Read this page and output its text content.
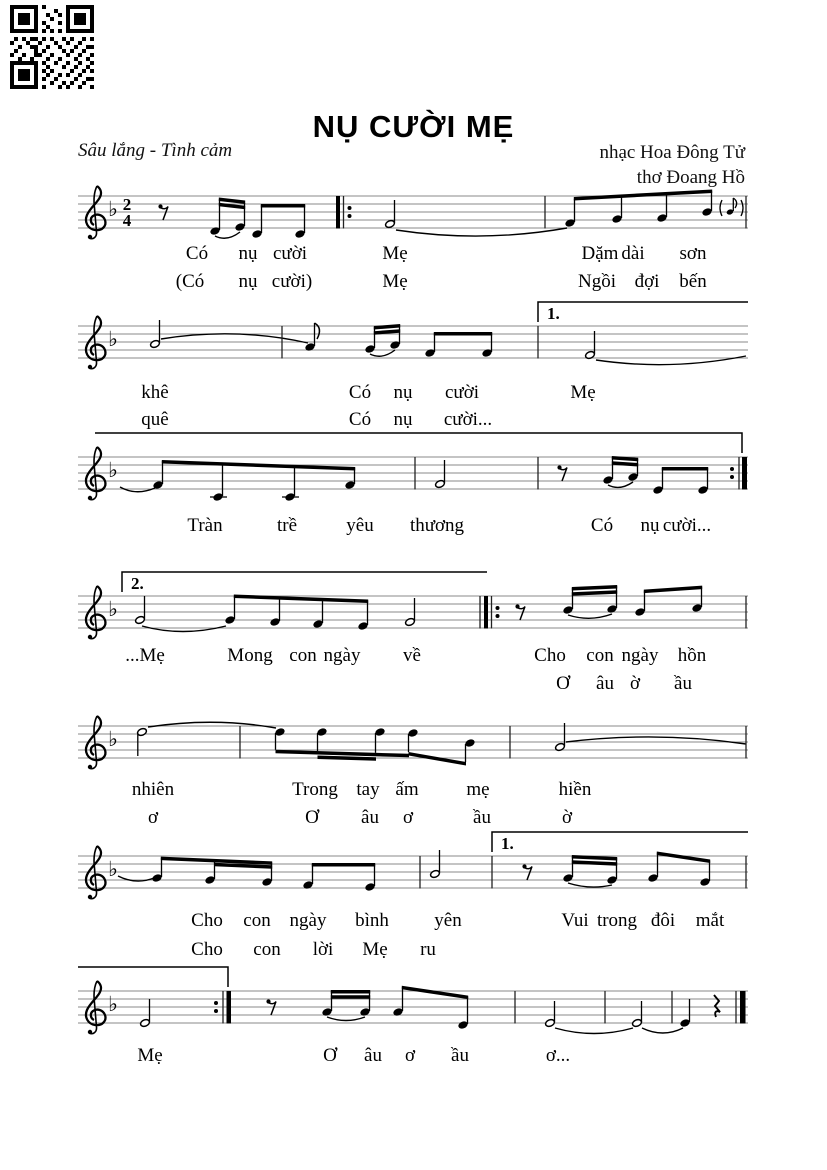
NỤ CƯỜI MẸ
Sâu lắng - Tình cảm	nhạc Hoa Đông Tử
thơ Đoang Hồ
♭ 2
4
Có nụ cười	Mẹ	Dặm dài sơn
(Có nụ cười)	Mẹ	Ngồi đợi bến
♭
1.
khê	Có nụ cười	Mẹ
quê	Có nụ cười...
♭
Tràn	trề	yêu thương	Có nụ cười...
2.
♭
...Mẹ	Mong con ngày về	Cho con ngày hồn
Ơ âu ờ ầu
♭
nhiên	Trong tay ấm	mẹ	hiền
ơ	Ơ âu ơ	ầu	ờ
♭
1.
Cho con ngày bình yên	Vui trong đôi mắt
Cho con lời Mẹ ru
♭
Mẹ	Ơ âu ơ ầu	ơ...
